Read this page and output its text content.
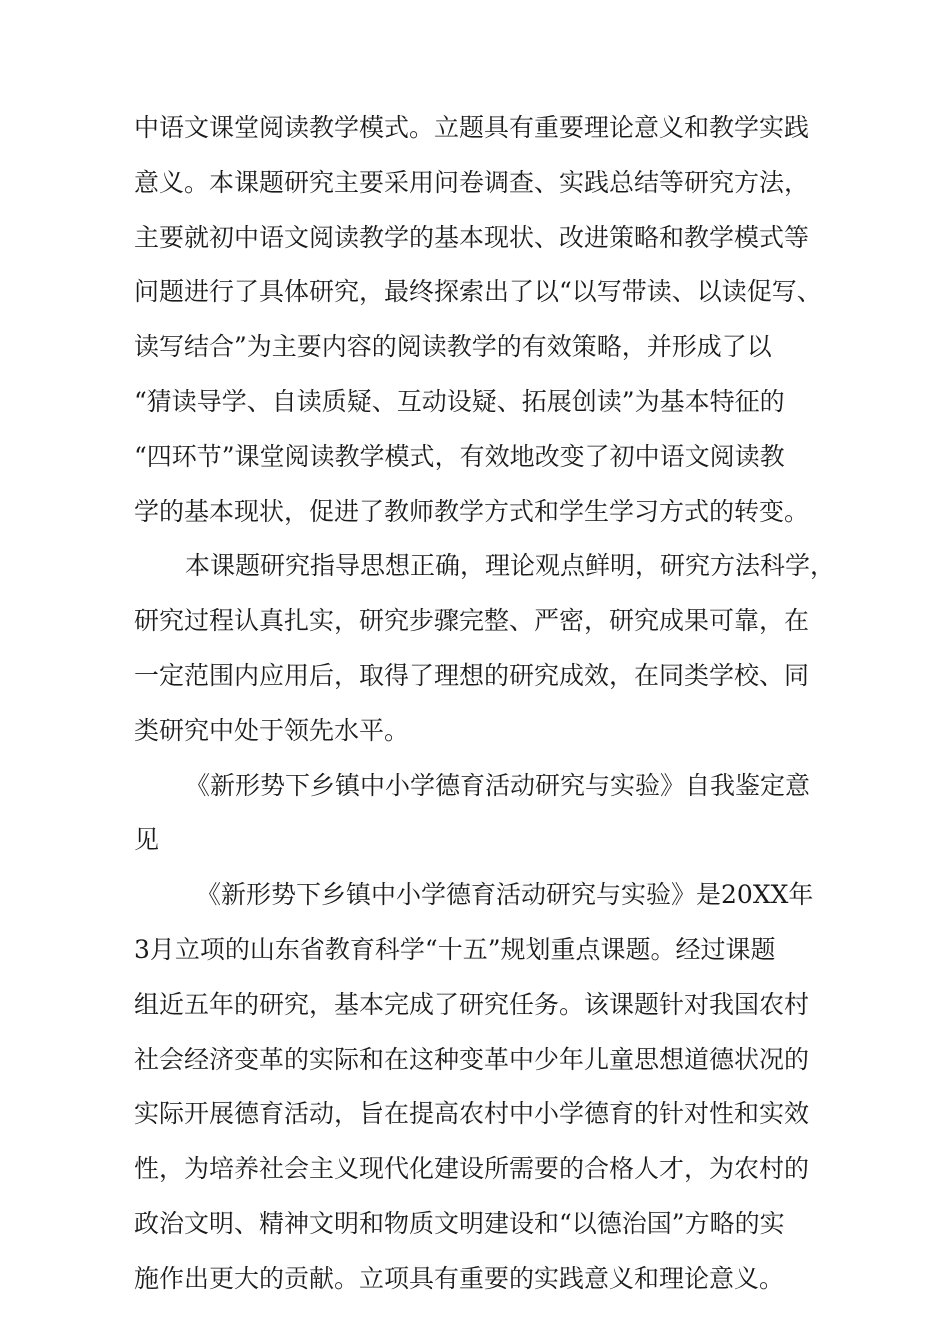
中语文课堂阅读教学模式。立题具有重要理论意义和教学实践
意义。本课题研究主要采用问卷调查、实践总结等研究方法，
主要就初中语文阅读教学的基本现状、改进策略和教学模式等
问题进行了具体研究，最终探索出了以“以写带读、以读促写、
读写结合”为主要内容的阅读教学的有效策略，并形成了以
“猜读导学、自读质疑、互动设疑、拓展创读”为基本特征的
“四环节”课堂阅读教学模式，有效地改变了初中语文阅读教
学的基本现状，促进了教师教学方式和学生学习方式的转变。
本课题研究指导思想正确，理论观点鲜明，研究方法科学，
研究过程认真扎实，研究步骤完整、严密，研究成果可靠，在
一定范围内应用后，取得了理想的研究成效，在同类学校、同
类研究中处于领先水平。
《新形势下乡镇中小学德育活动研究与实验》自我鉴定意
见
《新形势下乡镇中小学德育活动研究与实验》是20XX年
3月立项的山东省教育科学“十五”规划重点课题。经过课题
组近五年的研究，基本完成了研究任务。该课题针对我国农村
社会经济变革的实际和在这种变革中少年儿童思想道德状况的
实际开展德育活动，旨在提高农村中小学德育的针对性和实效
性，为培养社会主义现代化建设所需要的合格人才，为农村的
政治文明、精神文明和物质文明建设和“以德治国”方略的实
施作出更大的贡献。立项具有重要的实践意义和理论意义。
